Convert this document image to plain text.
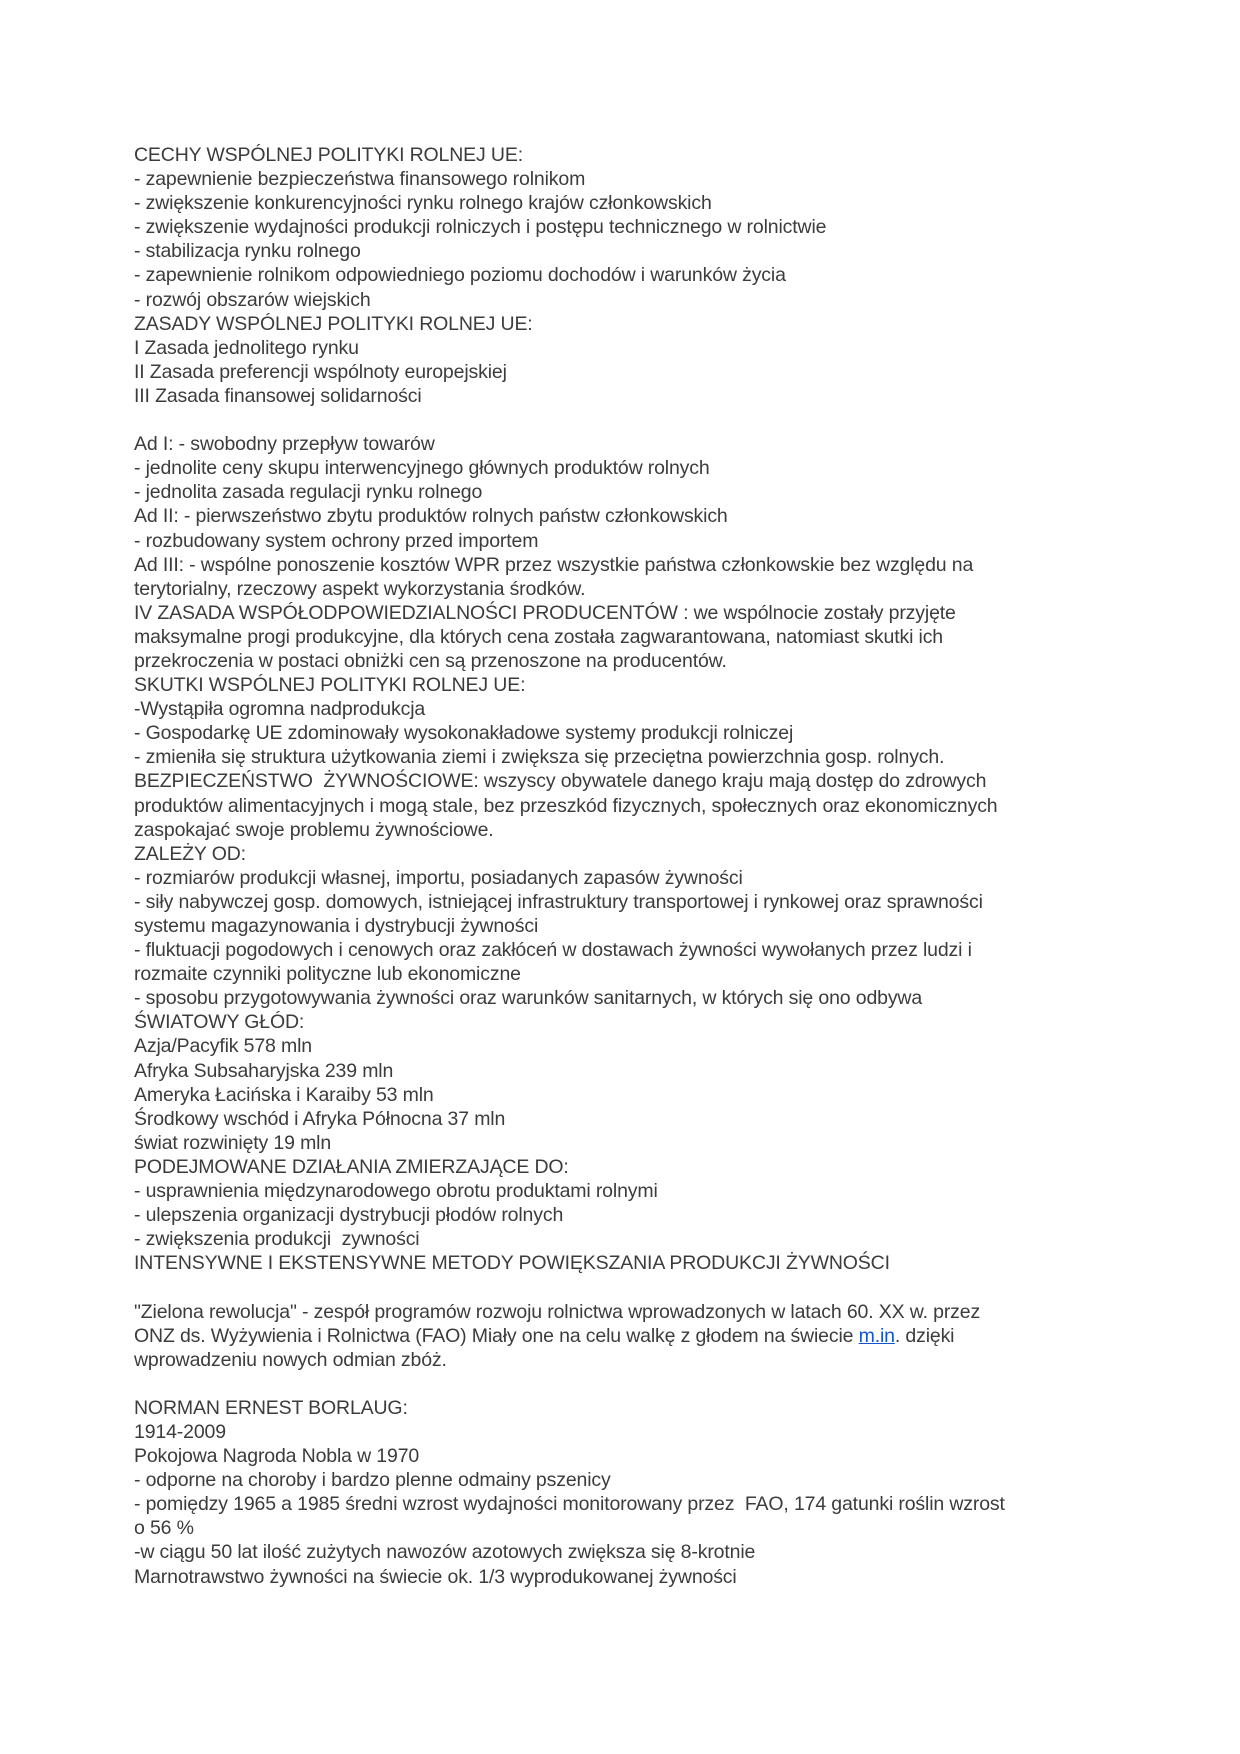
CECHY WSPÓLNEJ POLITYKI ROLNEJ UE:
- zapewnienie bezpieczeństwa finansowego rolnikom
- zwiększenie konkurencyjności rynku rolnego krajów członkowskich
- zwiększenie wydajności produkcji rolniczych i postępu technicznego w rolnictwie
- stabilizacja rynku rolnego
- zapewnienie rolnikom odpowiedniego poziomu dochodów i warunków życia
- rozwój obszarów wiejskich
ZASADY WSPÓLNEJ POLITYKI ROLNEJ UE:
I Zasada jednolitego rynku
II Zasada preferencji wspólnoty europejskiej
III Zasada finansowej solidarności
Ad I: - swobodny przepływ towarów
- jednolite ceny skupu interwencyjnego głównych produktów rolnych
- jednolita zasada regulacji rynku rolnego
Ad II: - pierwszeństwo zbytu produktów rolnych państw członkowskich
- rozbudowany system ochrony przed importem
Ad III: - wspólne ponoszenie kosztów WPR przez wszystkie państwa członkowskie bez względu na
terytorialny, rzeczowy aspekt wykorzystania środków.
IV ZASADA WSPÓŁODPOWIEDZIALNOŚCI PRODUCENTÓW : we wspólnocie zostały przyjęte
maksymalne progi produkcyjne, dla których cena została zagwarantowana, natomiast skutki ich
przekroczenia w postaci obniżki cen są przenoszone na producentów.
SKUTKI WSPÓLNEJ POLITYKI ROLNEJ UE:
-Wystąpiła ogromna nadprodukcja
- Gospodarkę UE zdominowały wysokonakładowe systemy produkcji rolniczej
- zmieniła się struktura użytkowania ziemi i zwiększa się przeciętna powierzchnia gosp. rolnych.
BEZPIECZEŃSTWO  ŻYWNOŚCIOWE: wszyscy obywatele danego kraju mają dostęp do zdrowych
produktów alimentacyjnych i mogą stale, bez przeszkód fizycznych, społecznych oraz ekonomicznych
zaspokajać swoje problemu żywnościowe.
ZALEŻY OD:
- rozmiarów produkcji własnej, importu, posiadanych zapasów żywności
- siły nabywczej gosp. domowych, istniejącej infrastruktury transportowej i rynkowej oraz sprawności
systemu magazynowania i dystrybucji żywności
- fluktuacji pogodowych i cenowych oraz zakłóceń w dostawach żywności wywołanych przez ludzi i
rozmaite czynniki polityczne lub ekonomiczne
- sposobu przygotowywania żywności oraz warunków sanitarnych, w których się ono odbywa
ŚWIATOWY GŁÓD:
Azja/Pacyfik 578 mln
Afryka Subsaharyjska 239 mln
Ameryka Łacińska i Karaiby 53 mln
Środkowy wschód i Afryka Północna 37 mln
świat rozwinięty 19 mln
PODEJMOWANE DZIAŁANIA ZMIERZAJĄCE DO:
- usprawnienia międzynarodowego obrotu produktami rolnymi
- ulepszenia organizacji dystrybucji płodów rolnych
- zwiększenia produkcji  zywności
INTENSYWNE I EKSTENSYWNE METODY POWIĘKSZANIA PRODUKCJI ŻYWNOŚCI
"Zielona rewolucja" - zespół programów rozwoju rolnictwa wprowadzonych w latach 60. XX w. przez
ONZ ds. Wyżywienia i Rolnictwa (FAO) Miały one na celu walkę z głodem na świecie m.in. dzięki
wprowadzeniu nowych odmian zbóż.
NORMAN ERNEST BORLAUG:
1914-2009
Pokojowa Nagroda Nobla w 1970
- odporne na choroby i bardzo plenne odmainy pszenicy
- pomiędzy 1965 a 1985 średni wzrost wydajności monitorowany przez  FAO, 174 gatunki roślin wzrost
o 56 %
-w ciągu 50 lat ilość zużytych nawozów azotowych zwiększa się 8-krotnie
Marnotrawstwo żywności na świecie ok. 1/3 wyprodukowanej żywności
